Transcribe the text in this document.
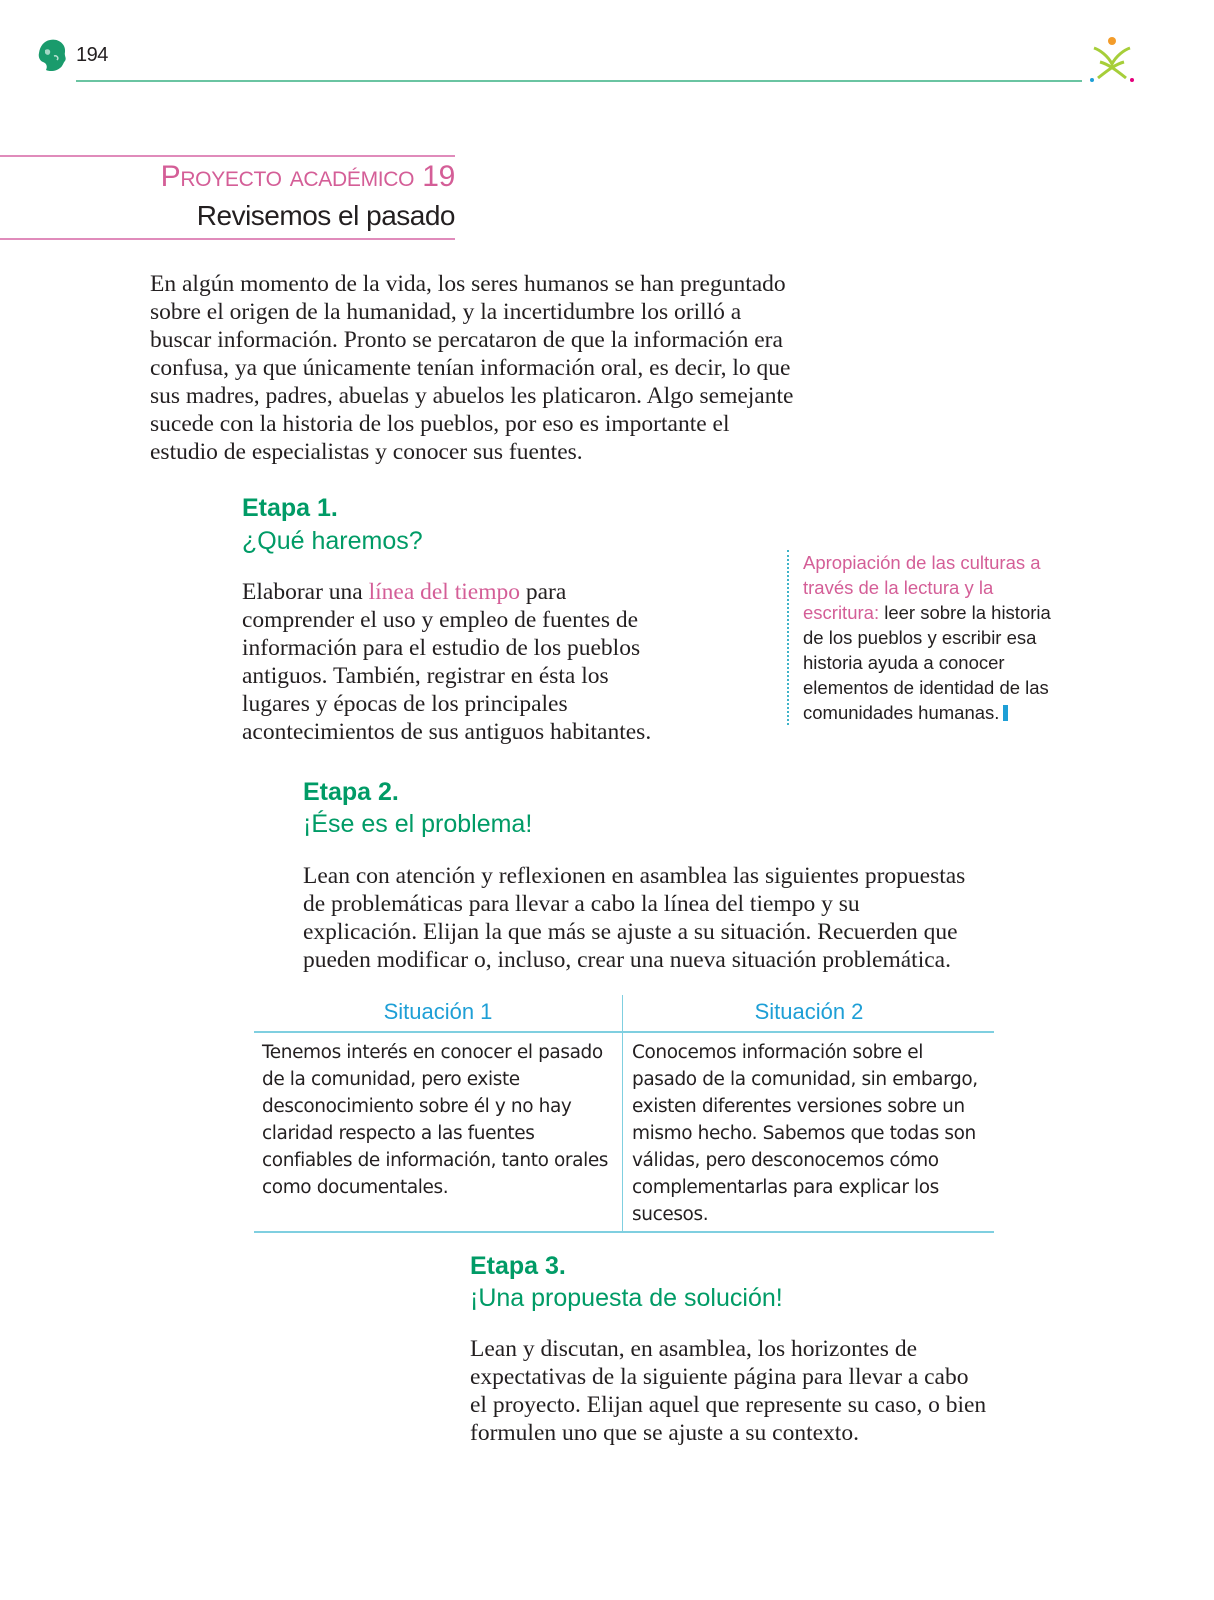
194
Proyecto académico 19
Revisemos el pasado
En algún momento de la vida, los seres humanos se han preguntado sobre el origen de la humanidad, y la incertidumbre los orilló a buscar información. Pronto se percataron de que la información era confusa, ya que únicamente tenían información oral, es decir, lo que sus madres, padres, abuelas y abuelos les platicaron. Algo semejante sucede con la historia de los pueblos, por eso es importante el estudio de especialistas y conocer sus fuentes.
Etapa 1.
¿Qué haremos?
Elaborar una línea del tiempo para comprender el uso y empleo de fuentes de información para el estudio de los pueblos antiguos. También, registrar en ésta los lugares y épocas de los principales acontecimientos de sus antiguos habitantes.
Apropiación de las culturas a través de la lectura y la escritura: leer sobre la historia de los pueblos y escribir esa historia ayuda a conocer elementos de identidad de las comunidades humanas.
Etapa 2.
¡Ése es el problema!
Lean con atención y reflexionen en asamblea las siguientes propuestas de problemáticas para llevar a cabo la línea del tiempo y su explicación. Elijan la que más se ajuste a su situación. Recuerden que pueden modificar o, incluso, crear una nueva situación problemática.
Situación 1	Situación 2
Tenemos interés en conocer el pasado de la comunidad, pero existe desconocimiento sobre él y no hay claridad respecto a las fuentes confiables de información, tanto orales como documentales.
Conocemos información sobre el pasado de la comunidad, sin embargo, existen diferentes versiones sobre un mismo hecho. Sabemos que todas son válidas, pero desconocemos cómo complementarlas para explicar los sucesos.
Etapa 3.
¡Una propuesta de solución!
Lean y discutan, en asamblea, los horizontes de expectativas de la siguiente página para llevar a cabo el proyecto. Elijan aquel que represente su caso, o bien formulen uno que se ajuste a su contexto.
